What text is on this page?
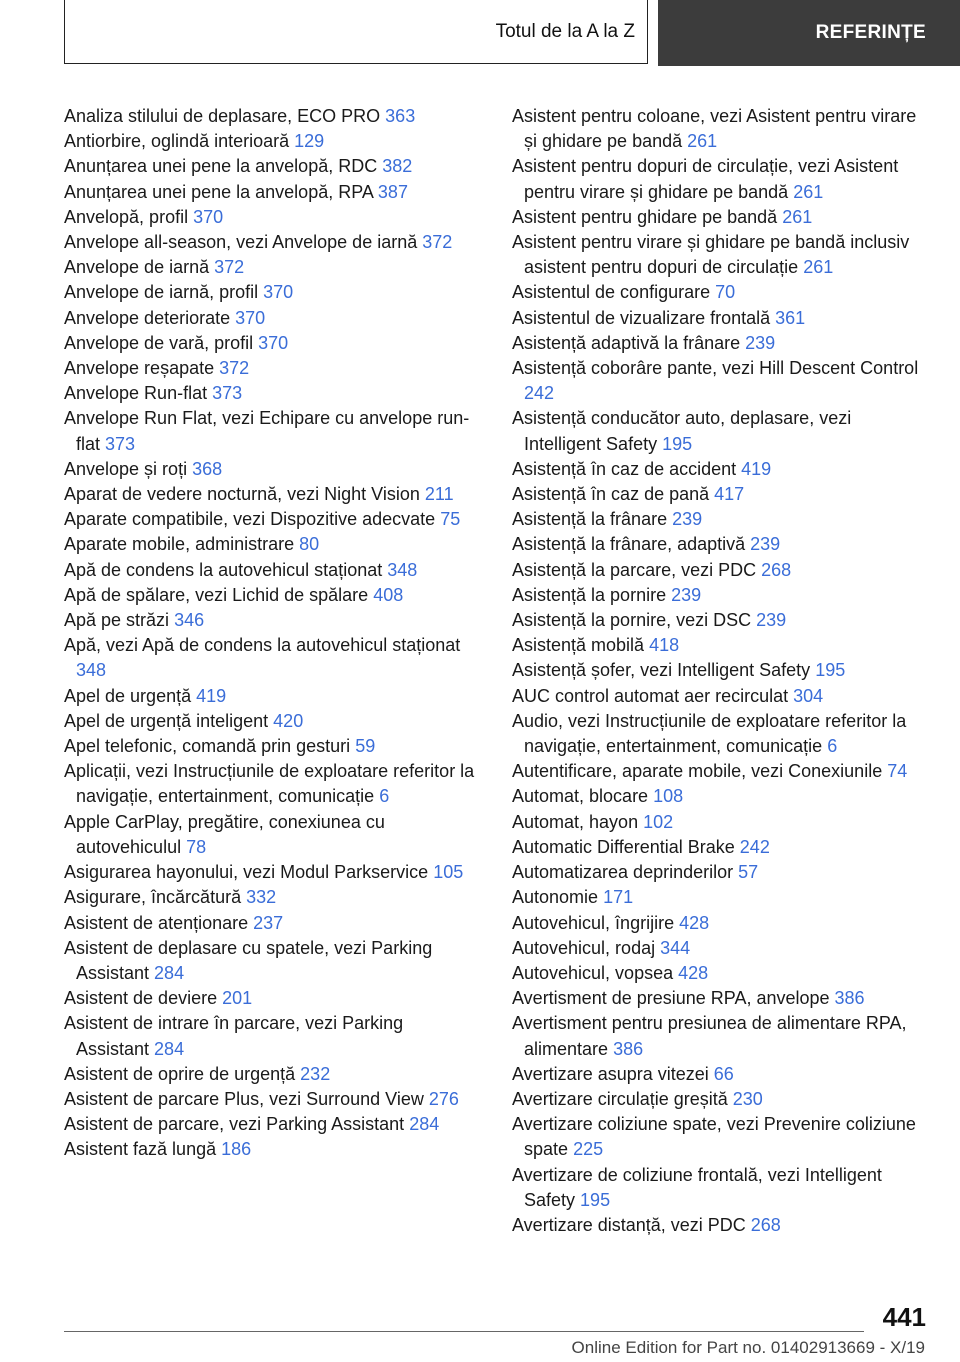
Totul de la A la Z	REFERINȚE
Analiza stilului de deplasare, ECO PRO 363
Antiorbire, oglindă interioară 129
Anunțarea unei pene la anvelopă, RDC 382
Anunțarea unei pene la anvelopă, RPA 387
Anvelopă, profil 370
Anvelope all-season, vezi Anvelope de iarnă 372
Anvelope de iarnă 372
Anvelope de iarnă, profil 370
Anvelope deteriorate 370
Anvelope de vară, profil 370
Anvelope reșapate 372
Anvelope Run-flat 373
Anvelope Run Flat, vezi Echipare cu anvelope run-flat 373
Anvelope și roți 368
Aparat de vedere nocturnă, vezi Night Vision 211
Aparate compatibile, vezi Dispozitive adecvate 75
Aparate mobile, administrare 80
Apă de condens la autovehicul staționat 348
Apă de spălare, vezi Lichid de spălare 408
Apă pe străzi 346
Apă, vezi Apă de condens la autovehicul staționat 348
Apel de urgență 419
Apel de urgență inteligent 420
Apel telefonic, comandă prin gesturi 59
Aplicații, vezi Instrucțiunile de exploatare referitor la navigație, entertainment, comunicație 6
Apple CarPlay, pregătire, conexiunea cu autovehiculul 78
Asigurarea hayonului, vezi Modul Parkservice 105
Asigurare, încărcătură 332
Asistent de atenționare 237
Asistent de deplasare cu spatele, vezi Parking Assistant 284
Asistent de deviere 201
Asistent de intrare în parcare, vezi Parking Assistant 284
Asistent de oprire de urgență 232
Asistent de parcare Plus, vezi Surround View 276
Asistent de parcare, vezi Parking Assistant 284
Asistent fază lungă 186
Asistent pentru coloane, vezi Asistent pentru virare și ghidare pe bandă 261
Asistent pentru dopuri de circulație, vezi Asistent pentru virare și ghidare pe bandă 261
Asistent pentru ghidare pe bandă 261
Asistent pentru virare și ghidare pe bandă inclusiv asistent pentru dopuri de circulație 261
Asistentul de configurare 70
Asistentul de vizualizare frontală 361
Asistență adaptivă la frânare 239
Asistență coborâre pante, vezi Hill Descent Control 242
Asistență conducător auto, deplasare, vezi Intelligent Safety 195
Asistență în caz de accident 419
Asistență în caz de pană 417
Asistență la frânare 239
Asistență la frânare, adaptivă 239
Asistență la parcare, vezi PDC 268
Asistență la pornire 239
Asistență la pornire, vezi DSC 239
Asistență mobilă 418
Asistență șofer, vezi Intelligent Safety 195
AUC control automat aer recirculat 304
Audio, vezi Instrucțiunile de exploatare referitor la navigație, entertainment, comunicație 6
Autentificare, aparate mobile, vezi Conexiunile 74
Automat, blocare 108
Automat, hayon 102
Automatic Differential Brake 242
Automatizarea deprinderilor 57
Autonomie 171
Autovehicul, îngrijire 428
Autovehicul, rodaj 344
Autovehicul, vopsea 428
Avertisment de presiune RPA, anvelope 386
Avertisment pentru presiunea de alimentare RPA, alimentare 386
Avertizare asupra vitezei 66
Avertizare circulație greșită 230
Avertizare coliziune spate, vezi Prevenire coliziune spate 225
Avertizare de coliziune frontală, vezi Intelligent Safety 195
Avertizare distanță, vezi PDC 268
441
Online Edition for Part no. 01402913669 - X/19
